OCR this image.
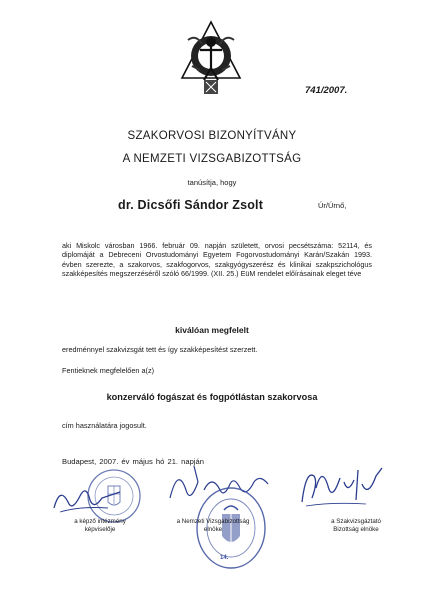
741/2007.
SZAKORVOSI BIZONYÍTVÁNY
A NEMZETI VIZSGABIZOTTSÁG
tanúsítja, hogy
dr. Dicsőfi Sándor Zsolt	Úr/Úrnő,
aki Miskolc városban 1966. február 09. napján született, orvosi pecsétszáma: 52114, és diplomáját a Debreceni Orvostudományi Egyetem Fogorvostudományi Karán/Szakán 1993. évben szerezte, a szakorvos, szakfogorvos, szakgyógyszerész és klinikai szakpszichológus szakképesítés megszerzéséről szóló 66/1999. (XII. 25.) EüM rendelet előírásainak eleget téve
kiválóan megfelelt
eredménnyel szakvizsgát tett és így szakképesítést szerzett.
Fentieknek megfelelően a(z)
konzerváló fogászat és fogpótlástan szakorvosa
cím használatára jogosult.
Budapest, 2007. év május hó 21. napján
14.
a képző intézmény
képviselője
a Nemzeti Vizsgabizottság
elnöke
a Szakvizsgáztató
Bizottság elnöke
